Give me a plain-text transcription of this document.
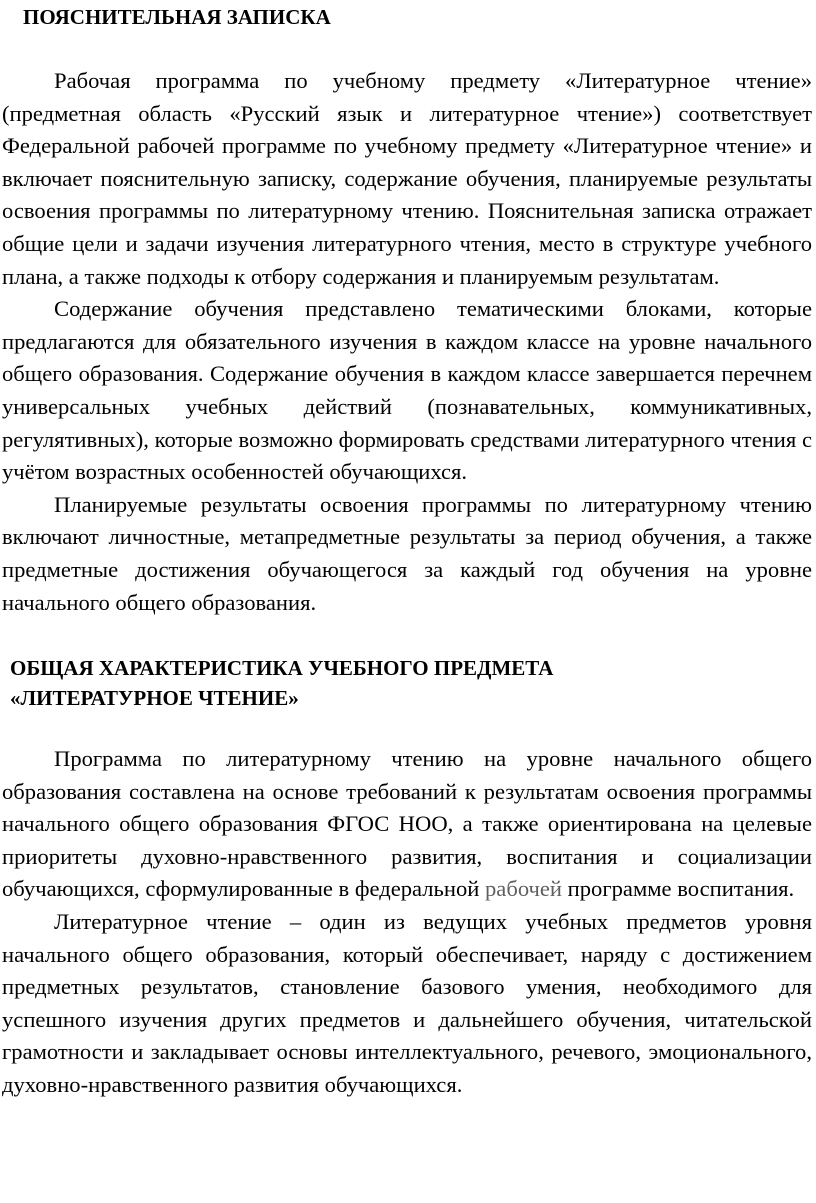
ПОЯСНИТЕЛЬНАЯ ЗАПИСКА

Рабочая программа по учебному предмету «Литературное чтение» (предметная область «Русский язык и литературное чтение») соответствует Федеральной рабочей программе по учебному предмету «Литературное чтение» и включает пояснительную записку, содержание обучения, планируемые результаты освоения программы по литературному чтению. Пояснительная записка отражает общие цели и задачи изучения литературного чтения, место в структуре учебного плана, а также подходы к отбору содержания и планируемым результатам.

Содержание обучения представлено тематическими блоками, которые предлагаются для обязательного изучения в каждом классе на уровне начального общего образования. Содержание обучения в каждом классе завершается перечнем универсальных учебных действий (познавательных, коммуникативных, регулятивных), которые возможно формировать средствами литературного чтения с учётом возрастных особенностей обучающихся.

Планируемые результаты освоения программы по литературному чтению включают личностные, метапредметные результаты за период обучения, а также предметные достижения обучающегося за каждый год обучения на уровне начального общего образования.

ОБЩАЯ ХАРАКТЕРИСТИКА УЧЕБНОГО ПРЕДМЕТА
«ЛИТЕРАТУРНОЕ ЧТЕНИЕ»

Программа по литературному чтению на уровне начального общего образования составлена на основе требований к результатам освоения программы начального общего образования ФГОС НОО, а также ориентирована на целевые приоритеты духовно-нравственного развития, воспитания и социализации обучающихся, сформулированные в федеральной рабочей программе воспитания.

Литературное чтение – один из ведущих учебных предметов уровня начального общего образования, который обеспечивает, наряду с достижением предметных результатов, становление базового умения, необходимого для успешного изучения других предметов и дальнейшего обучения, читательской грамотности и закладывает основы интеллектуального, речевого, эмоционального, духовно-нравственного развития обучающихся.
